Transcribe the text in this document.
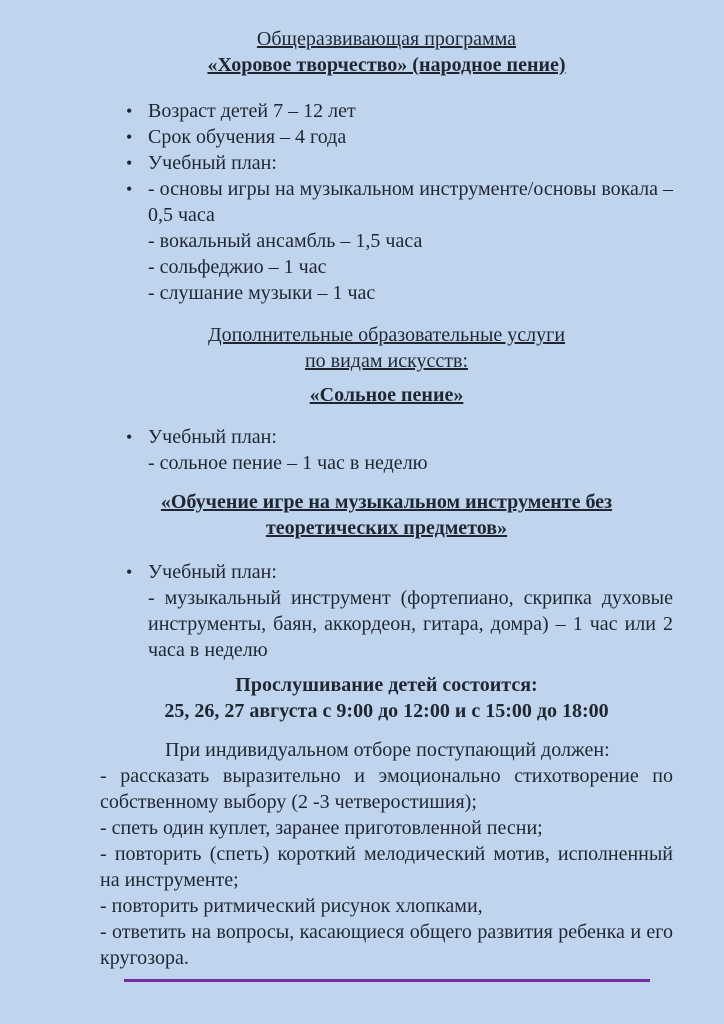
Общеразвивающая программа
«Хоровое творчество» (народное пение)
• Возраст детей 7 – 12 лет
• Срок обучения – 4 года
• Учебный план:
• - основы игры на музыкальном инструменте/основы вокала – 0,5 часа
- вокальный ансамбль – 1,5 часа
- сольфеджио – 1 час
- слушание музыки – 1 час
Дополнительные образовательные услуги
по видам искусств:
«Сольное пение»
• Учебный план:
- сольное пение – 1 час в неделю
«Обучение игре на музыкальном инструменте без
теоретических предметов»
• Учебный план:
- музыкальный инструмент (фортепиано, скрипка духовые инструменты, баян, аккордеон, гитара, домра) – 1 час или 2 часа в неделю
Прослушивание детей состоится:
25, 26, 27 августа с 9:00 до 12:00 и с 15:00 до 18:00
При индивидуальном отборе поступающий должен:
- рассказать выразительно и эмоционально стихотворение по собственному выбору (2 -3 четверостишия);
- спеть один куплет, заранее приготовленной песни;
- повторить (спеть) короткий мелодический мотив, исполненный на инструменте;
- повторить ритмический рисунок хлопками,
- ответить на вопросы, касающиеся общего развития ребенка и его кругозора.
